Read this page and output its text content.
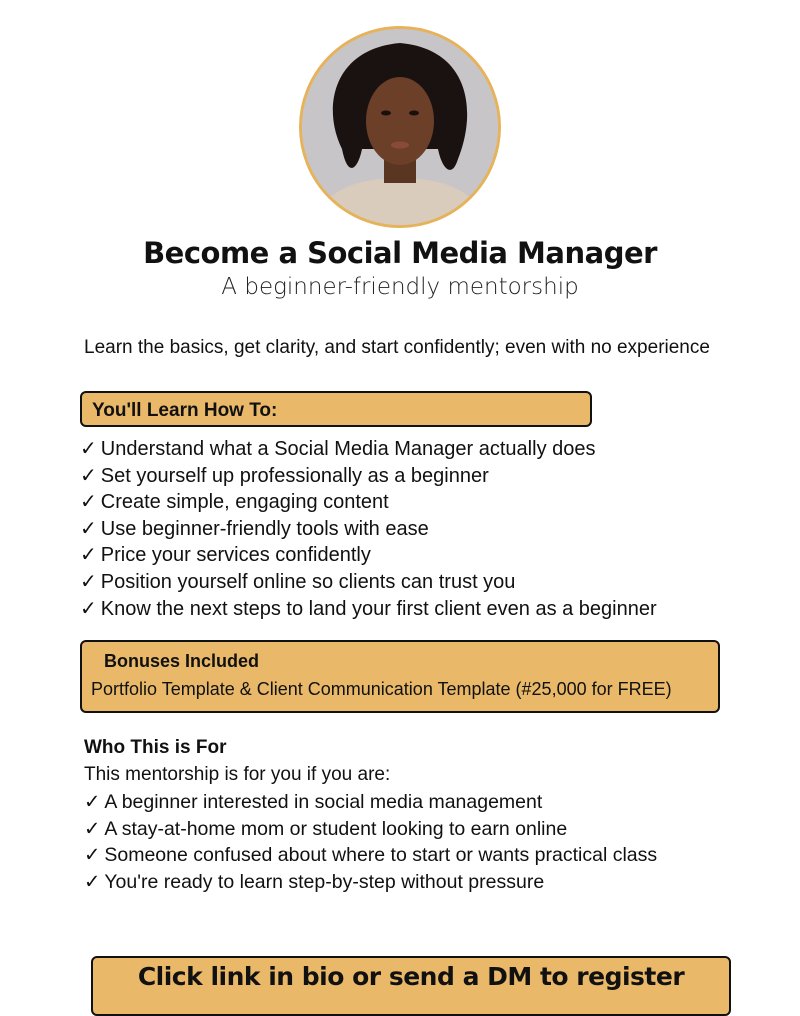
Become a Social Media Manager
A beginner-friendly mentorship
Learn the basics, get clarity, and start confidently; even with no experience
You'll Learn How To:
✓ Understand what a Social Media Manager actually does
✓ Set yourself up professionally as a beginner
✓ Create simple, engaging content
✓ Use beginner-friendly tools with ease
✓ Price your services confidently
✓ Position yourself online so clients can trust you
✓ Know the next steps to land your first client even as a beginner
Bonuses Included
Portfolio Template & Client Communication Template (#25,000 for FREE)
Who This is For
This mentorship is for you if you are:
✓ A beginner interested in social media management
✓ A stay-at-home mom or student looking to earn online
✓ Someone confused about where to start or wants practical class
✓ You're ready to learn step-by-step without pressure
Click link in bio or send a DM to register
